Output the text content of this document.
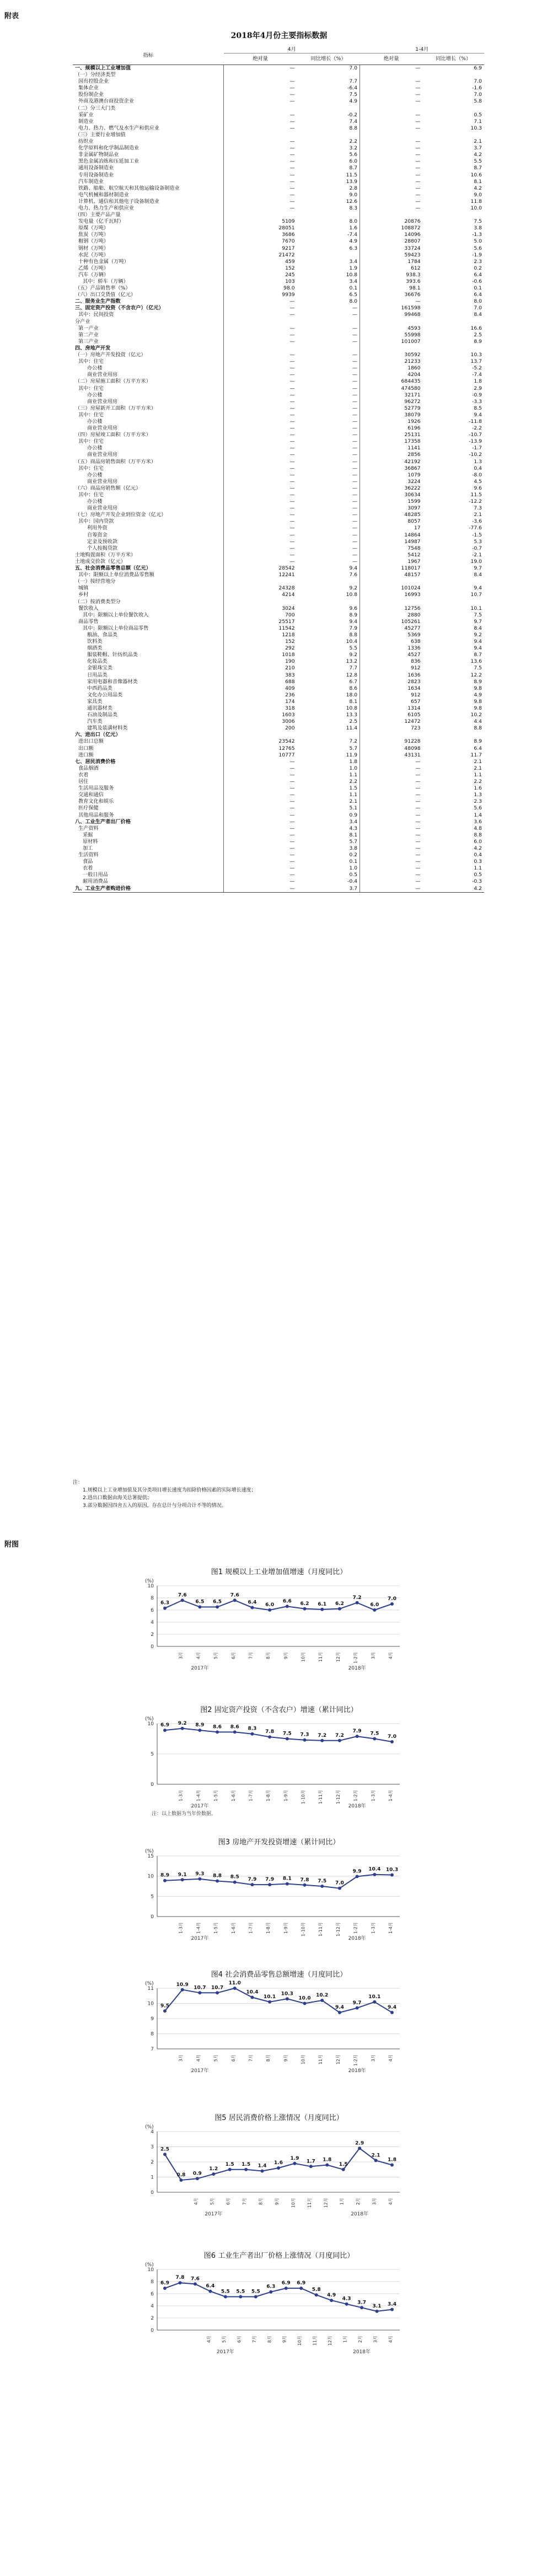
附表
2018年4月份主要指标数据
指标	4月		1-4月	
	绝对量	同比增长（%）	绝对量	同比增长（%）
一、规模以上工业增加值	—	7.0	—	6.9
（一）分经济类型				
国有控股企业	—	7.7	—	7.0
集体企业	—	-6.4	—	-1.6
股份制企业	—	7.5	—	7.0
外商及港澳台商投资企业	—	4.9	—	5.8
（二）分三大门类				
采矿业	—	-0.2	—	0.5
制造业	—	7.4	—	7.1
电力、热力、燃气及水生产和供应业	—	8.8	—	10.3
（三）主要行业增加值				
纺织业	—	2.2	—	2.1
化学原料和化学制品制造业	—	3.2	—	3.7
非金属矿物制品业	—	5.6	—	4.2
黑色金属冶炼和压延加工业	—	6.0	—	5.5
通用设备制造业	—	8.7	—	8.7
专用设备制造业	—	11.5	—	10.6
汽车制造业	—	13.9	—	8.1
铁路、船舶、航空航天和其他运输设备制造业	—	2.8	—	4.2
电气机械和器材制造业	—	9.0	—	9.0
计算机、通信和其他电子设备制造业	—	12.6	—	11.8
电力、热力生产和供应业	—	8.3	—	10.0
（四）主要产品产量				
发电量（亿千瓦时）	5109	8.0	20876	7.5
原煤（万吨）	28051	1.6	108872	3.8
焦炭（万吨）	3686	-7.4	14096	-1.3
粗钢（万吨）	7670	4.9	28807	5.0
钢材（万吨）	9217	6.3	33724	5.6
水泥（万吨）	21472		59423	-1.9
十种有色金属（万吨）	459	3.4	1784	2.3
乙烯（万吨）	152	1.9	612	0.2
汽车（万辆）	245	10.8	938.3	6.4
其中：轿车（万辆）	103	3.4	393.6	-0.6
（五）产品销售率（%）	98.0	0.1	98.1	0.1
（六）出口交货值（亿元）	9939	6.5	36676	6.4
二、服务业生产指数	—	8.0	—	8.0
三、固定资产投资（不含农户）（亿元）	—	—	161598	7.0
其中：民间投资	—	—	99468	8.4
分产业				
第一产业	—	—	4593	16.6
第二产业	—	—	55998	2.5
第三产业	—	—	101007	8.9
四、房地产开发				
（一）房地产开发投资（亿元）	—	—	30592	10.3
其中：住宅	—	—	21233	13.7
办公楼	—	—	1860	-5.2
商业营业用房	—	—	4204	-7.4
（二）房屋施工面积（万平方米）	—	—	684435	1.8
其中：住宅	—	—	474580	2.9
办公楼	—	—	32171	-0.9
商业营业用房	—	—	96272	-3.3
（三）房屋新开工面积（万平方米）	—	—	52779	8.5
其中：住宅	—	—	38079	9.4
办公楼	—	—	1926	-11.8
商业营业用房	—	—	6196	-2.2
（四）房屋竣工面积（万平方米）	—	—	25131	-10.7
其中：住宅	—	—	17358	-13.9
办公楼	—	—	1141	-1.7
商业营业用房	—	—	2856	-10.2
（五）商品房销售面积（万平方米）	—	—	42192	1.3
其中：住宅	—	—	36867	0.4
办公楼	—	—	1079	-8.0
商业营业用房	—	—	3224	4.5
（六）商品房销售额（亿元）	—	—	36222	9.6
其中：住宅	—	—	30634	11.5
办公楼	—	—	1599	-12.2
商业营业用房	—	—	3097	7.3
（七）房地产开发企业到位资金（亿元）	—	—	48285	2.1
其中：国内贷款	—	—	8057	-3.6
利用外资	—	—	17	-77.6
自筹资金	—	—	14864	-1.5
定金及预收款	—	—	14987	5.3
个人按揭贷款	—	—	7548	-0.7
土地购置面积（万平方米）	—	—	5412	-2.1
土地成交价款（亿元）	—	—	1967	19.0
五、社会消费品零售总额（亿元）	28542	9.4	118017	9.7
其中：限额以上单位消费品零售额	12241	7.6	48157	8.4
（一）按经营地分				
城镇	24328	9.2	101024	9.4
乡村	4214	10.8	16993	10.7
（二）按消费类型分				
餐饮收入	3024	9.6	12756	10.1
其中：限额以上单位餐饮收入	700	8.9	2880	7.5
商品零售	25517	9.4	105261	9.7
其中：限额以上单位商品零售	11542	7.9	45277	8.4
粮油、食品类	1218	8.8	5369	9.2
饮料类	152	10.4	638	9.4
烟酒类	292	5.5	1336	9.4
服装鞋帽、针纺织品类	1018	9.2	4527	8.7
化妆品类	190	13.2	836	13.6
金银珠宝类	210	7.7	912	7.5
日用品类	383	12.8	1636	12.2
家用电器和音像器材类	688	6.7	2823	8.9
中西药品类	409	8.6	1634	9.8
文化办公用品类	236	18.0	912	4.9
家具类	174	8.1	657	9.8
通讯器材类	318	10.8	1314	9.8
石油及制品类	1603	13.3	6105	10.2
汽车类	3006	2.5	12472	4.4
建筑及装潢材料类	200	11.4	723	8.8
六、进出口（亿元）				
进出口总额	23542	7.2	91228	8.9
出口额	12765	5.7	48098	6.4
进口额	10777	11.9	43131	11.7
七、居民消费价格	—	1.8	—	2.1
食品烟酒	—	1.0	—	2.1
衣着	—	1.1	—	1.1
居住	—	2.2	—	2.2
生活用品及服务	—	1.5	—	1.6
交通和通信	—	1.1	—	1.3
教育文化和娱乐	—	2.1	—	2.3
医疗保健	—	5.1	—	5.6
其他用品和服务	—	0.9	—	1.4
八、工业生产者出厂价格	—	3.4	—	3.6
生产资料	—	4.3	—	4.8
采掘	—	8.1	—	8.8
原材料	—	5.7	—	6.0
加工	—	3.8	—	4.2
生活资料	—	0.2	—	0.4
食品	—	0.1	—	0.3
衣着	—	1.0	—	1.1
一般日用品	—	0.5	—	0.5
耐用消费品	—	-0.4	—	-0.3
九、工业生产者购进价格	—	3.7	—	4.2
注：
1.规模以上工业增加值及其分类项目增长速度为扣除价格因素的实际增长速度；
2.进出口数据由海关总署提供；
3.部分数据因四舍五入的原因，存在总计与分项合计不等的情况。
附图
图1 规模以上工业增加值增速（月度同比）
(%)
0
2
4
6
8
10
6.3
7.6
6.5 6.5
7.6
6.4 6.0
6.6 6.2 6.1 6.2
7.2
6.0
7.0
3月	4月	5月	6月	7月	8月	9月	10月	11月	12月	1-2月	3月	4月
2017年	2018年
图2 固定资产投资（不含农户）增速（累计同比）
(%)
0
5
10 6.9 9.2 8.9 8.6 8.6 8.3
7.8 7.5 7.3 7.2 7.2
7.9 7.5
7.0
1-3月	1-4月	1-5月	1-6月	1-7月	1-8月	1-9月	1-10月	1-11月	1-12月	1-2月	1-3月	1-4月
2017年	2018年
注：以上数据为当年价数据。
图3 房地产开发投资增速（累计同比）
(%)
0
5
10
15
8.9 9.1 9.3 8.8 8.5 7.9 7.9 8.1 7.8 7.5 7.0
9.9 10.4 10.3
1-3月	1-4月	1-5月	1-6月	1-7月	1-8月	1-9月	1-10月	1-11月	1-12月	1-2月	1-3月	1-4月
2017年	2018年
图4 社会消费品零售总额增速（月度同比）
(%)
7
8
9
10
11
9.5
10.9
10.7 10.7
11.0
10.4
10.1
10.3
10.0
10.2
9.4
9.7
10.1
9.4
3月	4月	5月	6月	7月	8月	9月	10月	11月	12月	1-2月	3月	4月
2017年	2018年
图5 居民消费价格上涨情况（月度同比）
(%)
0
1
2
3
4
2.5
0.8 0.9
1.2
1.5 1.5 1.4
1.6
1.9
1.7 1.8
1.5
2.9
2.1
1.8
4月	5月	6月	7月	8月	9月	10月	11月	12月	1月	2月	3月	4月
2017年	2018年
图6 工业生产者出厂价格上涨情况（月度同比）
(%)
0
2
4
6
8
10
6.9
7.8 7.6
6.4
5.5 5.5 5.5
6.3
6.9 6.9
5.8
4.9
4.3
3.7
3.1 3.4
4月 5月 6月 7月 8月 9月 10月 11月 12月 1月 2月 3月 4月
2017年	2018年
